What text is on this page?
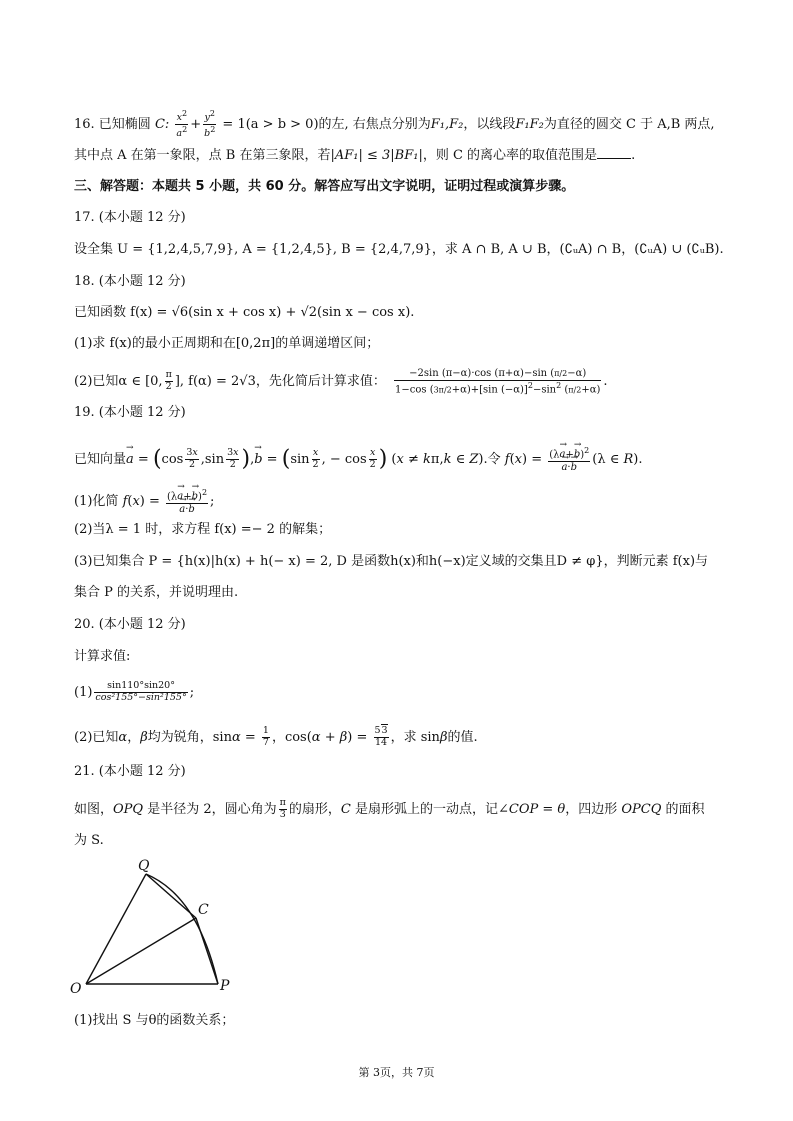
16. 已知椭圆 C: $\frac{x^2}{a^2} + \frac{y^2}{b^2} = 1(a > b > 0)$的左, 右焦点分别为F₁,F₂，以线段F₁F₂为直径的圆交 C 于 A,B 两点,
其中点 A 在第一象限，点 B 在第三象限，若|AF₁| ≤ 3|BF₁|，则 C 的离心率的取值范围是	.
三、解答题：本题共 5 小题，共 60 分。解答应写出文字说明，证明过程或演算步骤。
17. (本小题 12 分)
设全集 U = {1,2,4,5,7,9}, A = {1,2,4,5}, B = {2,4,7,9}，求 A ∩ B, A ∪ B，(∁ᵤA) ∩ B，(∁ᵤA) ∪ (∁ᵤB).
18. (本小题 12 分)
已知函数 f(x) = √6(sin x + cos x) + √2(sin x − cos x).
(1)求 f(x)的最小正周期和在[0,2π]的单调递增区间；
(2)已知α ∈ [0, $\frac{\pi}{2}$ ], f(α) = 2√3，先化简后计算求值： $\frac{-2\sin (\pi-\alpha)\cdot\cos (\pi+\alpha)-\sin (\pi/2-\alpha)}{1-\cos (3\pi/2+\alpha)+[\sin (-\alpha)]^2-\sin^2 (\pi/2+\alpha)}$ .
19. (本小题 12 分)
已知向量→ $a = (\cos \frac{3x}{2} ,\sin \frac{3x}{2}$ ),→ $b = (\sin \frac{x}{2}$ , − $\cos \frac{x}{2}$ ) (x ≠ kπ,k ∈ Z).令 $f(x) = (\lambda\to a+\to b)^2$
→ a·→ b (λ ∈ R).
(1)化简 $f(x) = (\lambda\to a+\to b)^2$
→ a·→ b ;
(2)当λ = 1 时，求方程 f(x) =− 2 的解集；
(3)已知集合 P = {h(x)|h(x) + h(− x) = 2, D 是函数h(x)和h(−x)定义域的交集且D ≠ φ}，判断元素 f(x)与
集合 P 的关系，并说明理由.
20. (本小题 12 分)
计算求值:
$(1) \frac{\sin 110^\circ\sin 20^\circ}{\text{cos²155°−sin²155°}}$ ;
(2)已知α，β均为锐角，$\sin\alpha = \frac{1}{7}$ ，$\cos(\alpha + \beta) = \frac{53}{14}$ ，求 sinβ的值.
21. (本小题 12 分)
如图，OPQ 是半径为 2，圆心角为 $\frac{\pi}{3}$ 的扇形，C 是扇形弧上的一动点，记∠COP = θ，四边形 OPCQ 的面积
为 S.
O	P
Q
C
(1)找出 S 与θ的函数关系；
第 3页，共 7页
